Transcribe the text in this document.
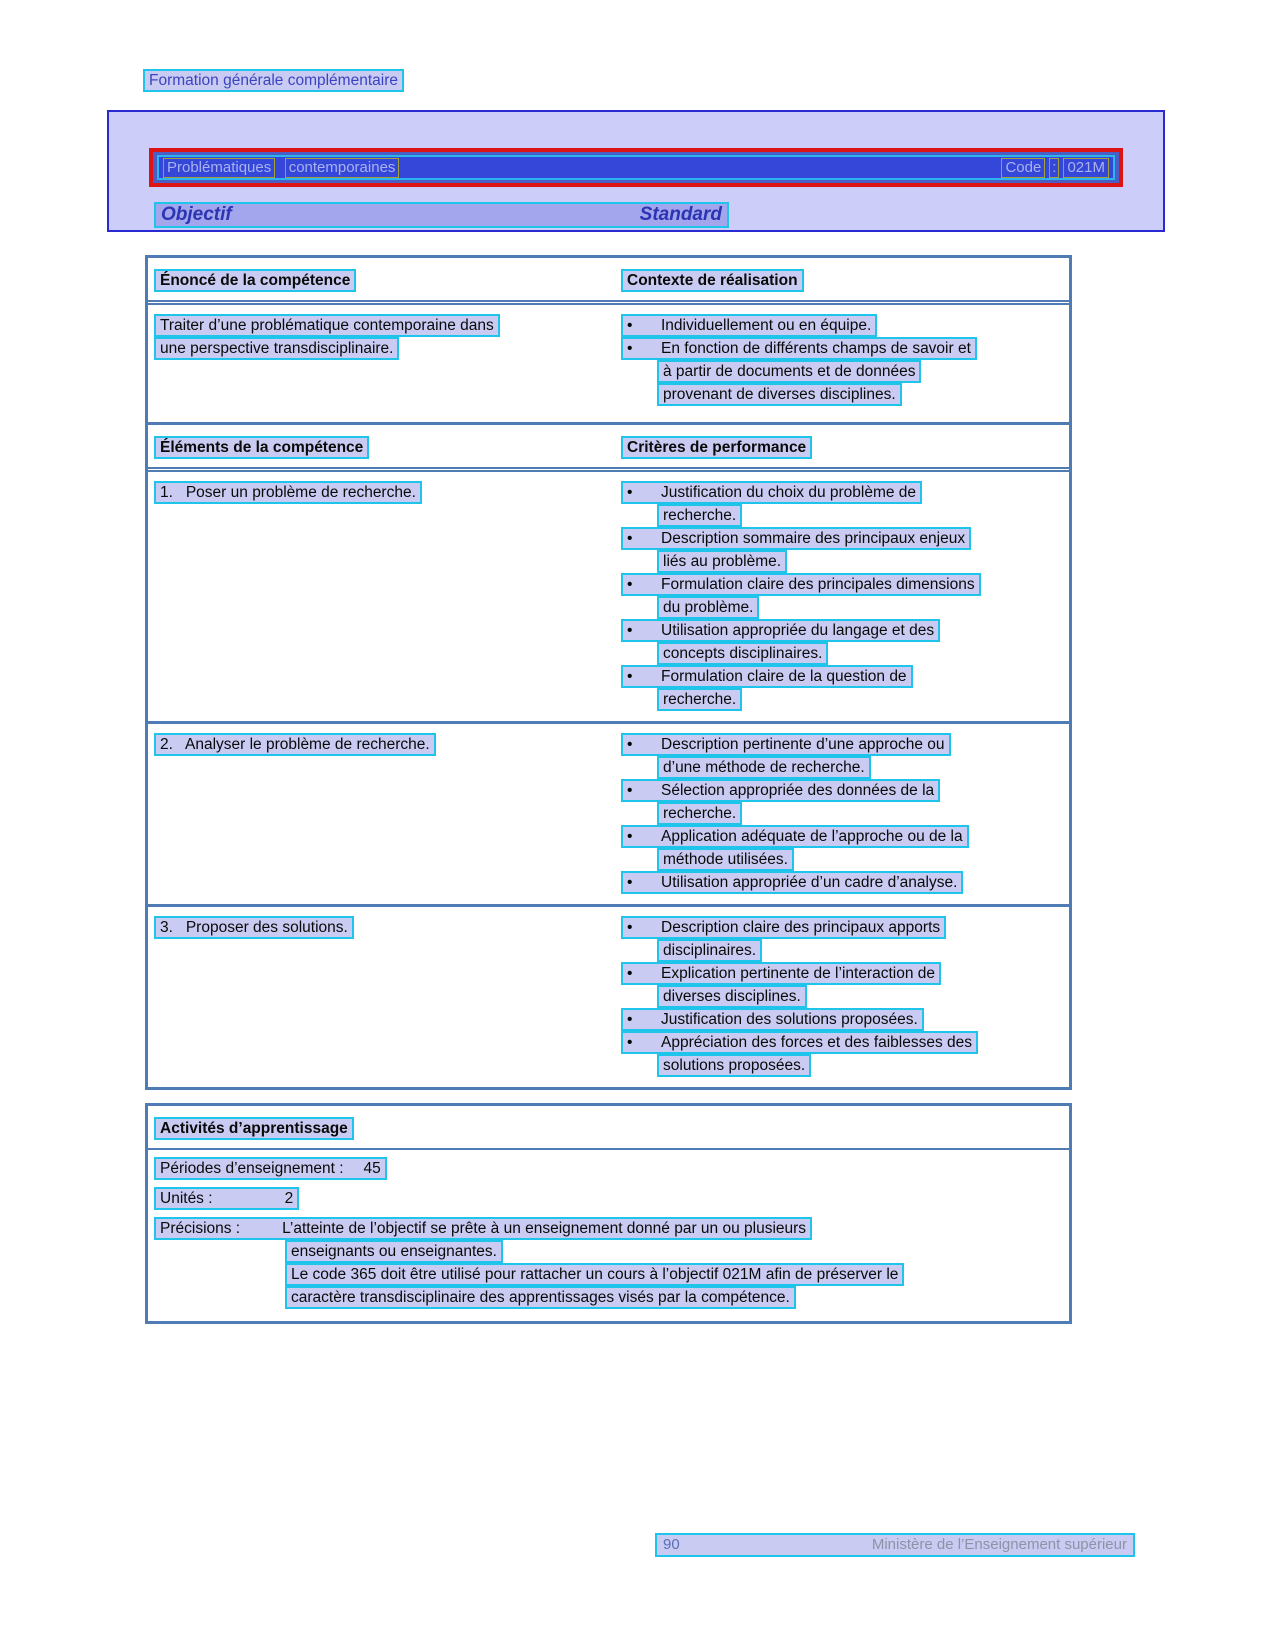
Formation générale complémentaire
Problématiques contemporaines	Code : 021M
Objectif	Standard
Énoncé de la compétence	Contexte de réalisation
Traiter d’une problématique contemporaine dans
une perspective transdisciplinaire.
• Individuellement ou en équipe.
• En fonction de différents champs de savoir et
à partir de documents et de données
provenant de diverses disciplines.
Éléments de la compétence	Critères de performance
1.   Poser un problème de recherche.	• Justification du choix du problème de
recherche.
• Description sommaire des principaux enjeux
liés au problème.
• Formulation claire des principales dimensions
du problème.
• Utilisation appropriée du langage et des
concepts disciplinaires.
• Formulation claire de la question de
recherche.
2.   Analyser le problème de recherche.	• Description pertinente d’une approche ou
d’une méthode de recherche.
• Sélection appropriée des données de la
recherche.
• Application adéquate de l’approche ou de la
méthode utilisées.
• Utilisation appropriée d’un cadre d’analyse.
3.   Proposer des solutions.	• Description claire des principaux apports
disciplinaires.
• Explication pertinente de l’interaction de
diverses disciplines.
• Justification des solutions proposées.
• Appréciation des forces et des faiblesses des
solutions proposées.
Activités d’apprentissage
Périodes d’enseignement : 45
Unités :	2
Précisions :	L’atteinte de l’objectif se prête à un enseignement donné par un ou plusieurs
enseignants ou enseignantes.
Le code 365 doit être utilisé pour rattacher un cours à l’objectif 021M afin de préserver le
caractère transdisciplinaire des apprentissages visés par la compétence.
90	Ministère de l’Enseignement supérieur
